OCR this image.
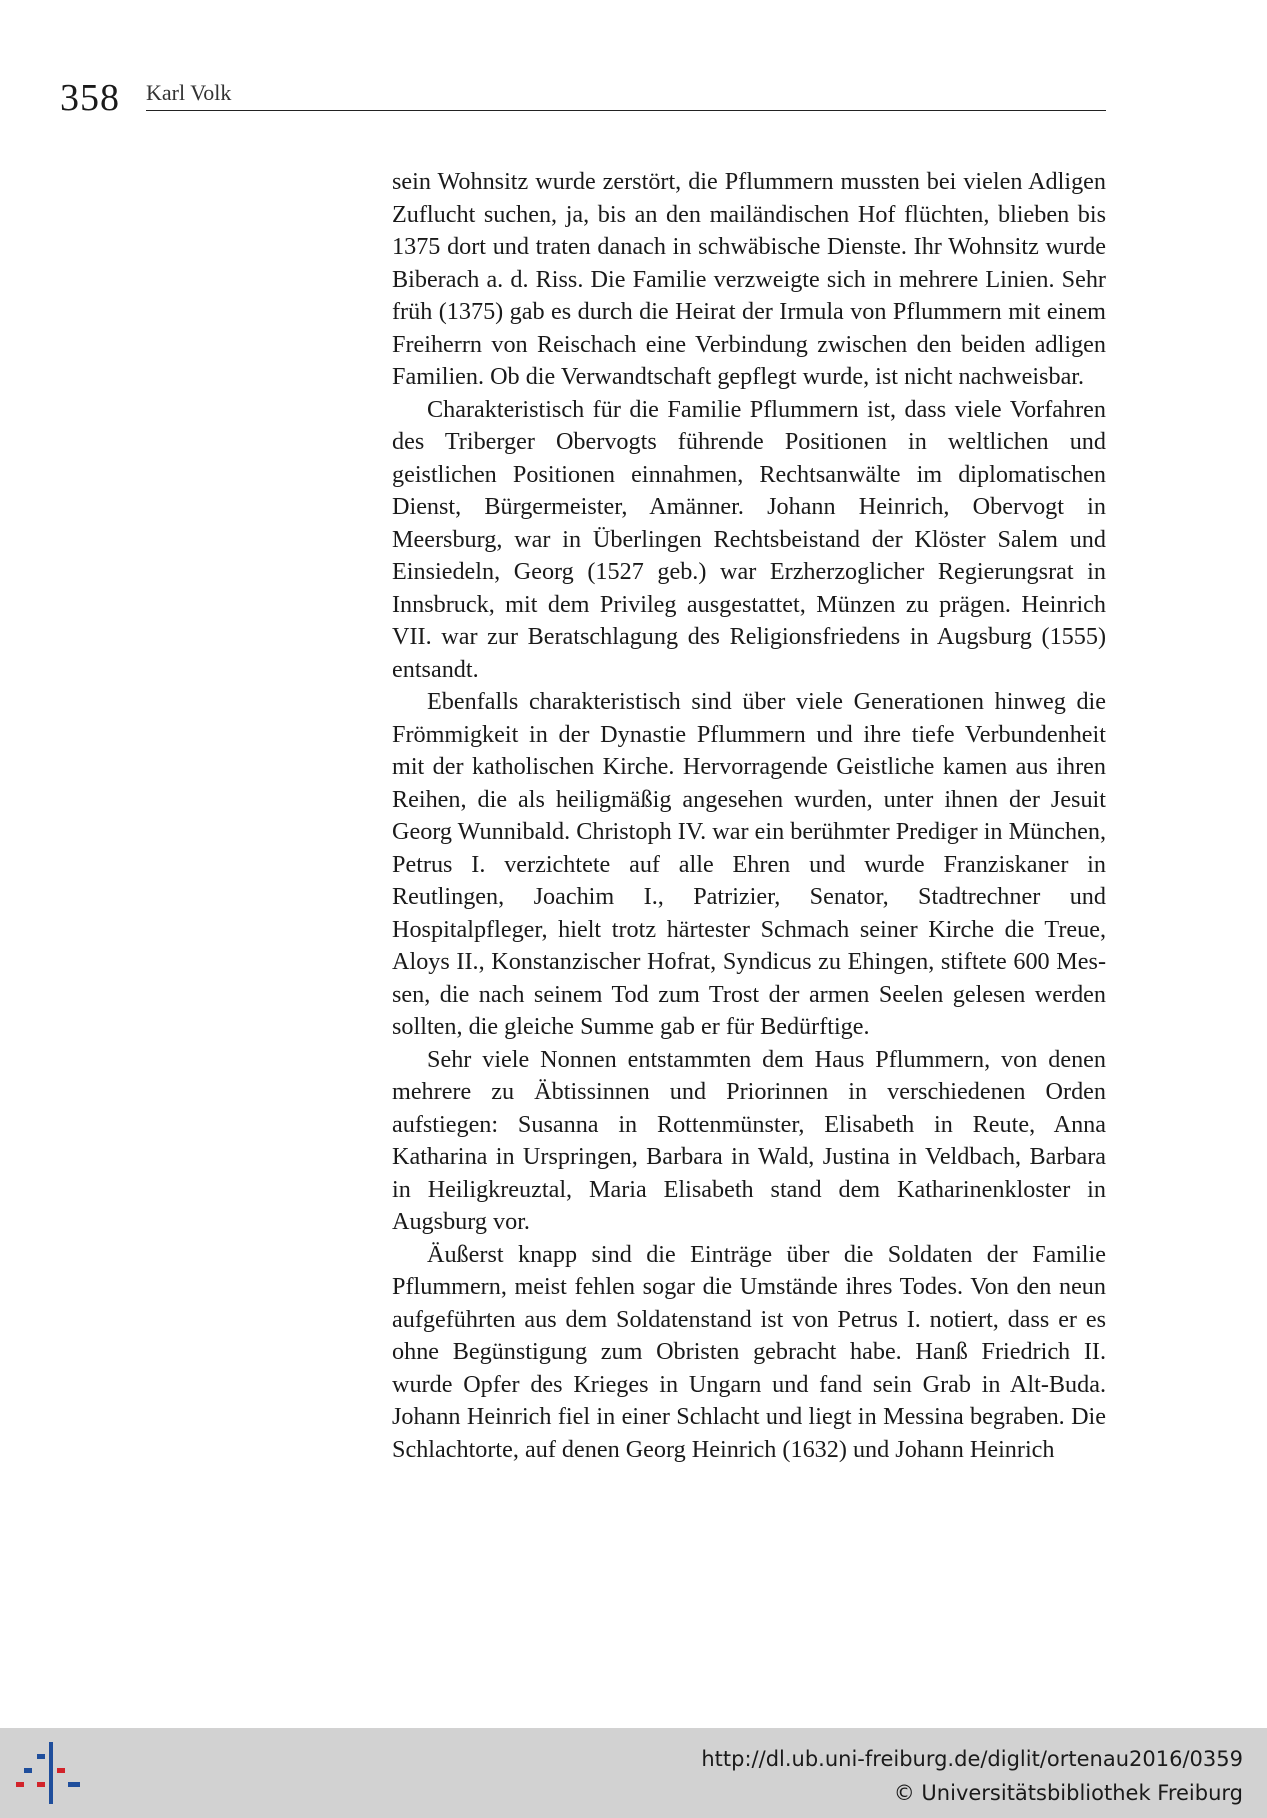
358 Karl Volk

sein Wohnsitz wurde zerstört, die Pflummern mussten bei vielen Adligen Zuflucht suchen, ja, bis an den mailändischen Hof flüchten, blieben bis 1375 dort und traten danach in schwäbische Dienste. Ihr Wohnsitz wurde Biberach a. d. Riss. Die Familie verzweigte sich in mehrere Linien. Sehr früh (1375) gab es durch die Heirat der Irmula von Pflummern mit einem Freiherrn von Reischach eine Verbindung zwischen den beiden adligen Familien. Ob die Verwandtschaft gepflegt wurde, ist nicht nachweisbar.

Charakteristisch für die Familie Pflummern ist, dass viele Vorfahren des Triberger Obervogts führende Positionen in weltlichen und geistlichen Positionen einnahmen, Rechtsanwälte im diplomatischen Dienst, Bürgermeister, Amänner. Johann Heinrich, Obervogt in Meersburg, war in Überlingen Rechtsbeistand der Klöster Salem und Einsiedeln, Georg (1527 geb.) war Erzherzoglicher Regierungsrat in Innsbruck, mit dem Privileg ausgestattet, Münzen zu prägen. Heinrich VII. war zur Beratschlagung des Religionsfriedens in Augsburg (1555) entsandt.

Ebenfalls charakteristisch sind über viele Generationen hinweg die Frömmigkeit in der Dynastie Pflummern und ihre tiefe Verbundenheit mit der katholischen Kirche. Hervorragende Geistliche kamen aus ihren Reihen, die als heiligmäßig angesehen wurden, unter ihnen der Jesuit Georg Wunnibald. Christoph IV. war ein berühmter Prediger in München, Petrus I. verzichtete auf alle Ehren und wurde Franziskaner in Reutlingen, Joachim I., Patrizier, Senator, Stadtrechner und Hospitalpfleger, hielt trotz härtester Schmach seiner Kirche die Treue, Aloys II., Konstanzischer Hofrat, Syndicus zu Ehingen, stiftete 600 Messen, die nach seinem Tod zum Trost der armen Seelen gelesen werden sollten, die gleiche Summe gab er für Bedürftige.

Sehr viele Nonnen entstammten dem Haus Pflummern, von denen mehrere zu Äbtissinnen und Priorinnen in verschiedenen Orden aufstiegen: Susanna in Rottenmünster, Elisabeth in Reute, Anna Katharina in Urspringen, Barbara in Wald, Justina in Veldbach, Barbara in Heiligkreuztal, Maria Elisabeth stand dem Katharinenkloster in Augsburg vor.

Äußerst knapp sind die Einträge über die Soldaten der Familie Pflummern, meist fehlen sogar die Umstände ihres Todes. Von den neun aufgeführten aus dem Soldatenstand ist von Petrus I. notiert, dass er es ohne Begünstigung zum Obristen gebracht habe. Hanß Friedrich II. wurde Opfer des Krieges in Ungarn und fand sein Grab in Alt-Buda. Johann Heinrich fiel in einer Schlacht und liegt in Messina begraben. Die Schlachtorte, auf denen Georg Heinrich (1632) und Johann Heinrich

http://dl.ub.uni-freiburg.de/diglit/ortenau2016/0359
© Universitätsbibliothek Freiburg
